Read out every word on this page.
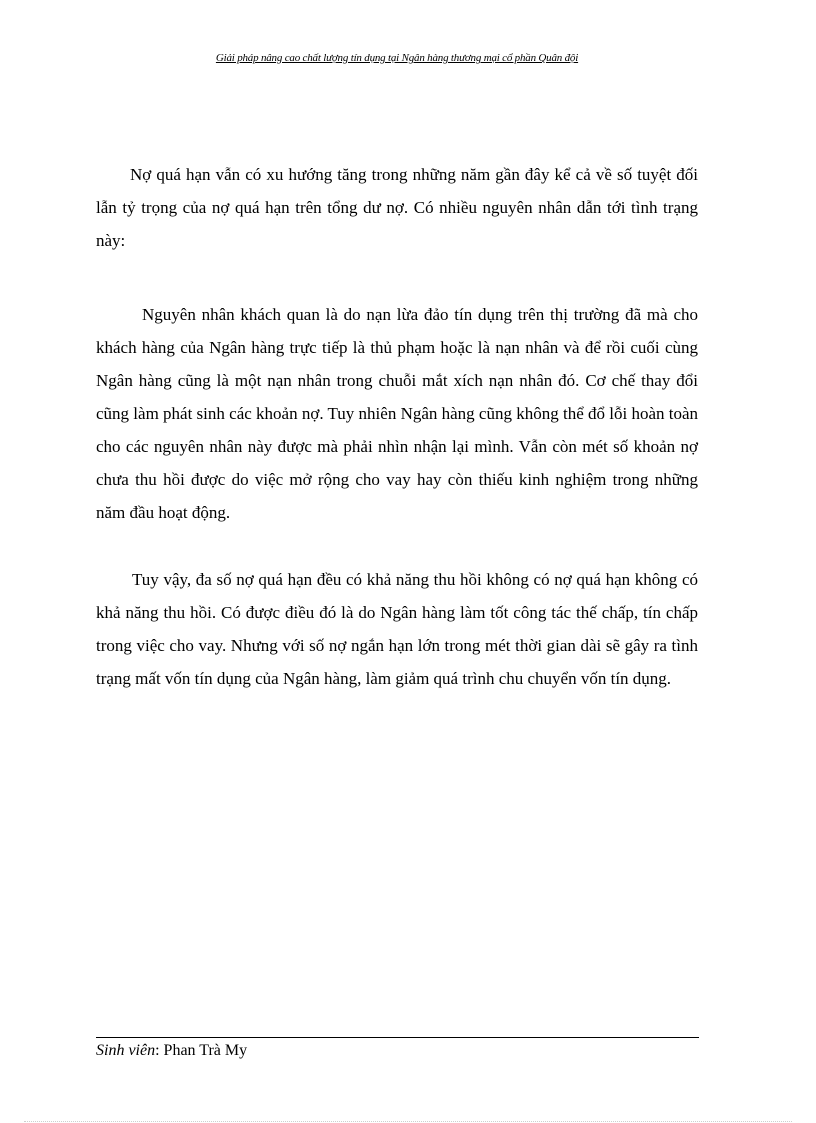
Giải pháp nâng cao chất lượng tín dụng tại Ngân hàng thương mại cổ phần Quân đội

Nợ quá hạn vẫn có xu hướng tăng trong những năm gần đây kể cả về số tuyệt đối lẫn tỷ trọng của nợ quá hạn trên tổng dư nợ. Có nhiều nguyên nhân dẫn tới tình trạng này:

Nguyên nhân khách quan là do nạn lừa đảo tín dụng trên thị trường đã mà cho khách hàng của Ngân hàng trực tiếp là thủ phạm hoặc là nạn nhân và để rồi cuối cùng Ngân hàng cũng là một nạn nhân trong chuỗi mắt xích nạn nhân đó. Cơ chế thay đổi cũng làm phát sinh các khoản nợ. Tuy nhiên Ngân hàng cũng không thể đổ lỗi hoàn toàn cho các nguyên nhân này được mà phải nhìn nhận lại mình. Vẫn còn mét số khoản nợ chưa thu hồi được do việc mở rộng cho vay hay còn thiếu kinh nghiệm trong những năm đầu hoạt động.

Tuy vậy, đa số nợ quá hạn đều có khả năng thu hồi không có nợ quá hạn không có khả năng thu hồi. Có được điều đó là do Ngân hàng làm tốt công tác thế chấp, tín chấp trong việc cho vay. Nhưng với số nợ ngắn hạn lớn trong mét thời gian dài sẽ gây ra tình trạng mất vốn tín dụng của Ngân hàng, làm giảm quá trình chu chuyển vốn tín dụng.

Sinh viên: Phan Trà My
